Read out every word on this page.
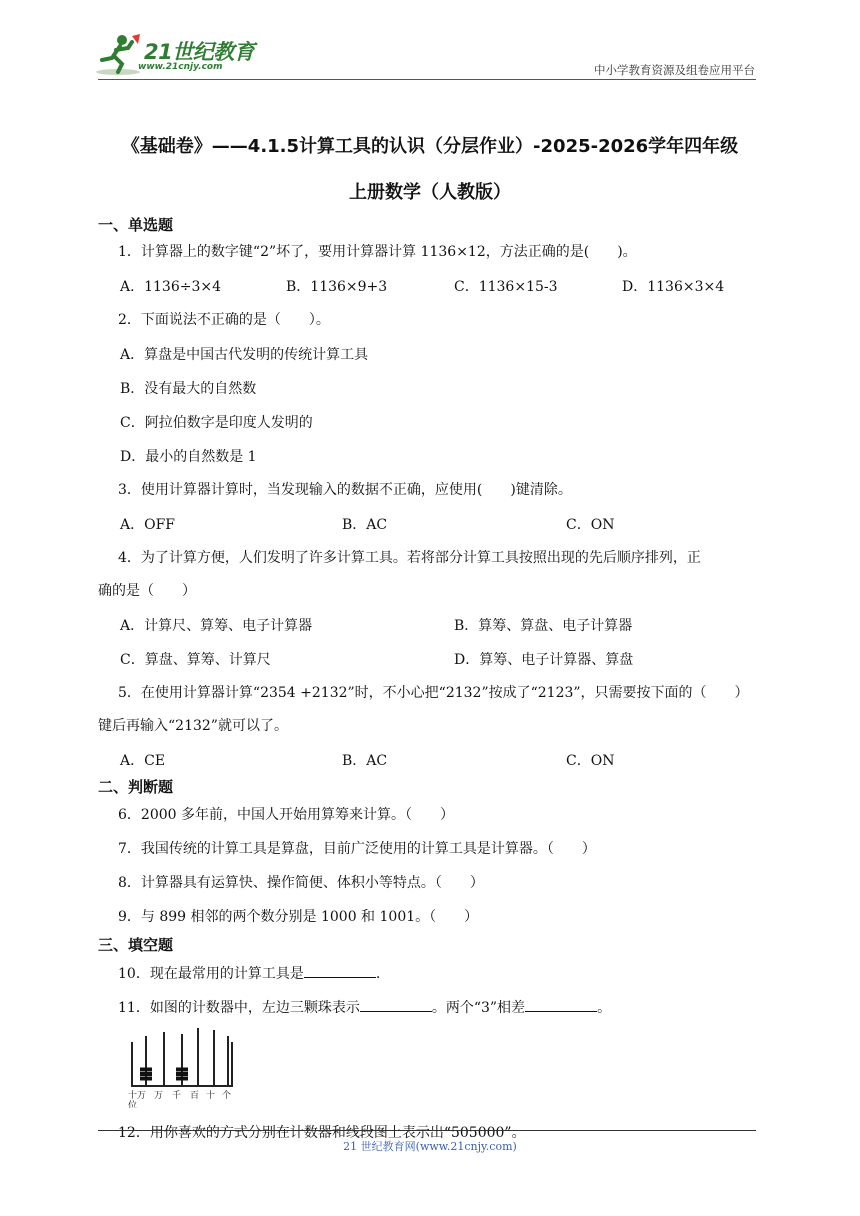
21世纪教育
www.21cnjy.com	中小学教育资源及组卷应用平台
《基础卷》——4.1.5计算工具的认识（分层作业）-2025-2026学年四年级
上册数学（人教版）
一、单选题
1．计算器上的数字键“2”坏了，要用计算器计算 1136×12，方法正确的是(　　)。
A．1136÷3×4	B．1136×9+3	C．1136×15-3	D．1136×3×4
2．下面说法不正确的是（　　）。
A．算盘是中国古代发明的传统计算工具
B．没有最大的自然数
C．阿拉伯数字是印度人发明的
D．最小的自然数是 1
3．使用计算器计算时，当发现输入的数据不正确，应使用(　　)键清除。
A．OFF	B．AC	C．ON
4．为了计算方便，人们发明了许多计算工具。若将部分计算工具按照出现的先后顺序排列，正
确的是（　　）
A．计算尺、算筹、电子计算器	B．算筹、算盘、电子计算器
C．算盘、算筹、计算尺	D．算筹、电子计算器、算盘
5．在使用计算器计算“2354 +2132”时，不小心把“2132”按成了“2123”，只需要按下面的（　　）
键后再输入“2132”就可以了。
A．CE	B．AC	C．ON
二、判断题
6．2000 多年前，中国人开始用算筹来计算。（　　）
7．我国传统的计算工具是算盘，目前广泛使用的计算工具是计算器。（　　）
8．计算器具有运算快、操作简便、体积小等特点。（　　）
9．与 899 相邻的两个数分别是 1000 和 1001。（　　）
三、填空题
10．现在最常用的计算工具是	.
11．如图的计数器中，左边三颗珠表示	。两个“3”相差	。
十万 万 千 百 十 个
位
12．用你喜欢的方式分别在计数器和线段图上表示出“505000”。
21 世纪教育网(www.21cnjy.com)
